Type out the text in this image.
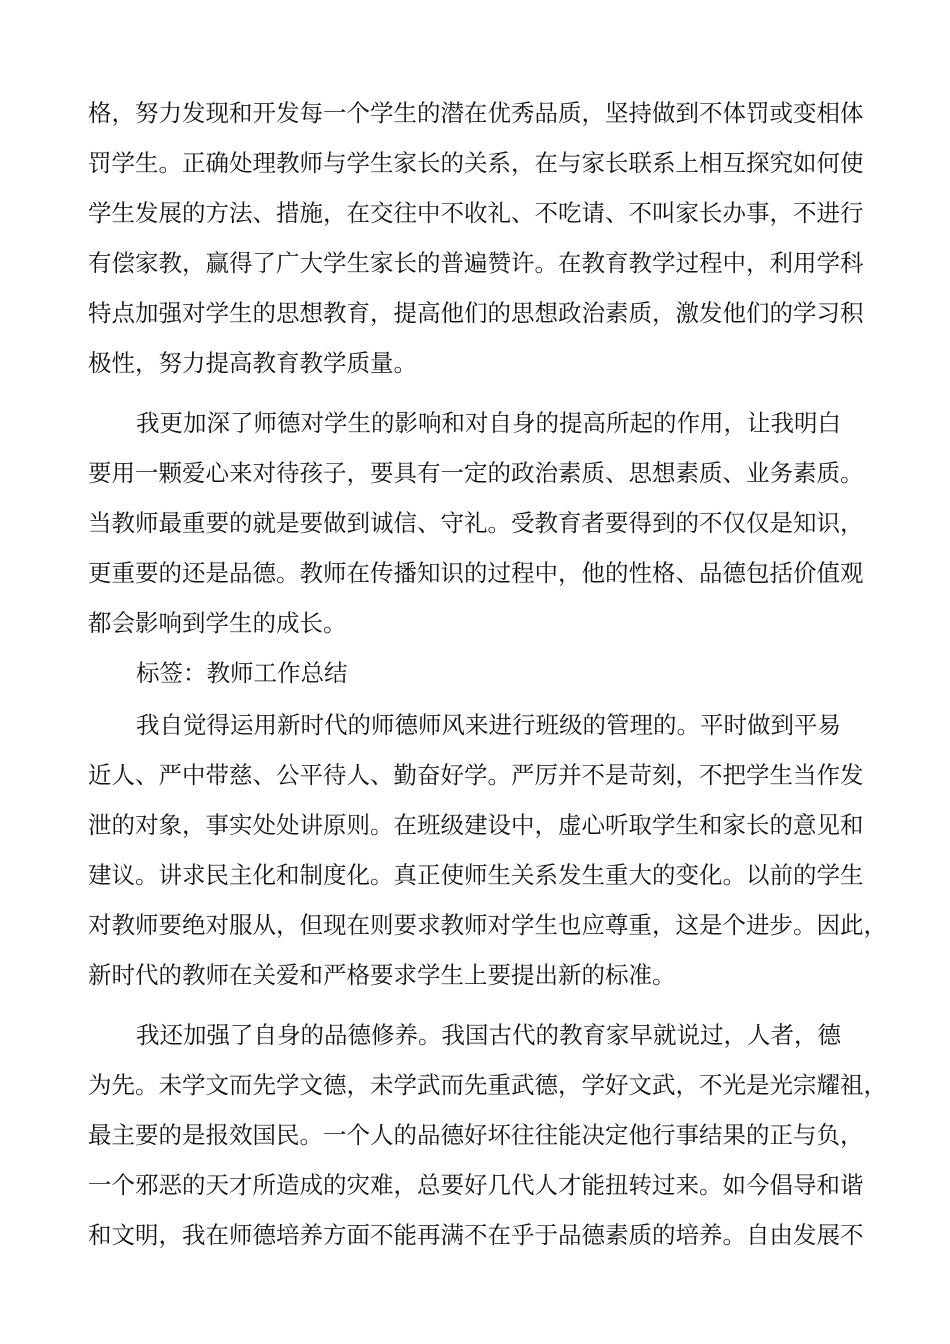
格，努力发现和开发每一个学生的潜在优秀品质，坚持做到不体罚或变相体
罚学生。正确处理教师与学生家长的关系，在与家长联系上相互探究如何使
学生发展的方法、措施，在交往中不收礼、不吃请、不叫家长办事，不进行
有偿家教，赢得了广大学生家长的普遍赞许。在教育教学过程中，利用学科
特点加强对学生的思想教育，提高他们的思想政治素质，激发他们的学习积
极性，努力提高教育教学质量。
我更加深了师德对学生的影响和对自身的提高所起的作用，让我明白
要用一颗爱心来对待孩子，要具有一定的政治素质、思想素质、业务素质。
当教师最重要的就是要做到诚信、守礼。受教育者要得到的不仅仅是知识，
更重要的还是品德。教师在传播知识的过程中，他的性格、品德包括价值观
都会影响到学生的成长。
标签：教师工作总结
我自觉得运用新时代的师德师风来进行班级的管理的。平时做到平易
近人、严中带慈、公平待人、勤奋好学。严厉并不是苛刻，不把学生当作发
泄的对象，事实处处讲原则。在班级建设中，虚心听取学生和家长的意见和
建议。讲求民主化和制度化。真正使师生关系发生重大的变化。以前的学生
对教师要绝对服从，但现在则要求教师对学生也应尊重，这是个进步。因此，
新时代的教师在关爱和严格要求学生上要提出新的标准。
我还加强了自身的品德修养。我国古代的教育家早就说过，人者，德
为先。未学文而先学文德，未学武而先重武德，学好文武，不光是光宗耀祖，
最主要的是报效国民。一个人的品德好坏往往能决定他行事结果的正与负，
一个邪恶的天才所造成的灾难，总要好几代人才能扭转过来。如今倡导和谐
和文明，我在师德培养方面不能再满不在乎于品德素质的培养。自由发展不
